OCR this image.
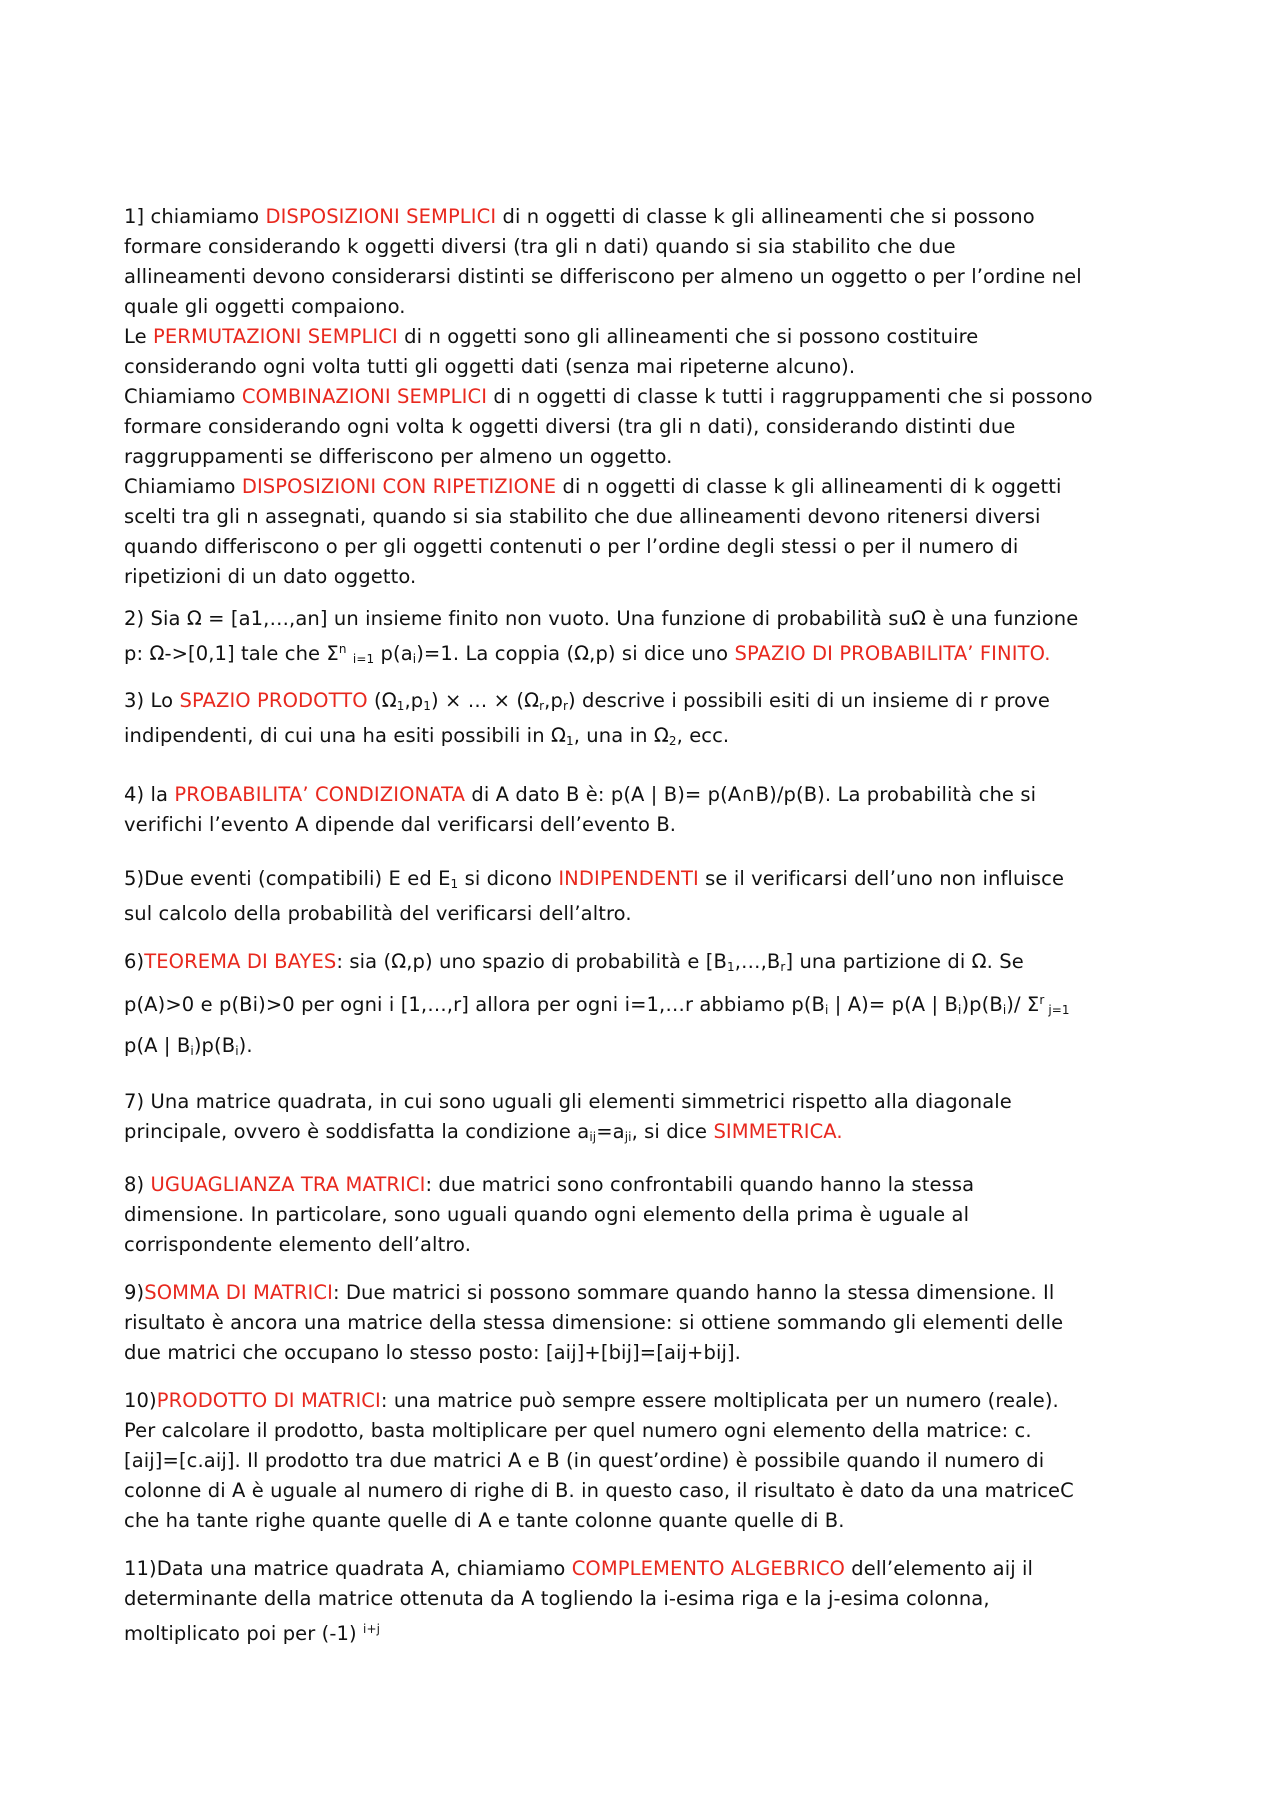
1] chiamiamo DISPOSIZIONI SEMPLICI di n oggetti di classe k gli allineamenti che si possono
formare considerando k oggetti diversi (tra gli n dati) quando si sia stabilito che due
allineamenti devono considerarsi distinti se differiscono per almeno un oggetto o per l’ordine nel
quale gli oggetti compaiono.
Le PERMUTAZIONI SEMPLICI di n oggetti sono gli allineamenti che si possono costituire
considerando ogni volta tutti gli oggetti dati (senza mai ripeterne alcuno).
Chiamiamo COMBINAZIONI SEMPLICI di n oggetti di classe k tutti i raggruppamenti che si possono
formare considerando ogni volta k oggetti diversi (tra gli n dati), considerando distinti due
raggruppamenti se differiscono per almeno un oggetto.
Chiamiamo DISPOSIZIONI CON RIPETIZIONE di n oggetti di classe k gli allineamenti di k oggetti
scelti tra gli n assegnati, quando si sia stabilito che due allineamenti devono ritenersi diversi
quando differiscono o per gli oggetti contenuti o per l’ordine degli stessi o per il numero di
ripetizioni di un dato oggetto.
2) Sia Ω = [a1,…,an] un insieme finito non vuoto. Una funzione di probabilità suΩ è una funzione
p: Ω->[0,1] tale che $\Sigma^n$ $_{i=1}$ $p(a_i)=1$. La coppia (Ω,p) si dice uno SPAZIO DI PROBABILITA’ FINITO.
3) Lo SPAZIO PRODOTTO $(\Omega_1,p_1)$ × … × $(\Omega_r,p_r)$ descrive i possibili esiti di un insieme di r prove
indipendenti, di cui una ha esiti possibili in $\Omega_1$, una in $\Omega_2$, ecc.
4) la PROBABILITA’ CONDIZIONATA di A dato B è: p(A | B)= p(A∩B)/p(B). La probabilità che si
verifichi l’evento A dipende dal verificarsi dell’evento B.
5)Due eventi (compatibili) E ed $E_1$ si dicono INDIPENDENTI se il verificarsi dell’uno non influisce
sul calcolo della probabilità del verificarsi dell’altro.
6)TEOREMA DI BAYES: sia (Ω,p) uno spazio di probabilità e $[B_1,\dots,B_r]$ una partizione di Ω. Se
p(A)>0 e p(Bi)>0 per ogni i [1,…,r] allora per ogni i=1,…r abbiamo $p(B_i$ | A)= p(A | $B_i)p(B_i)/$ $\Sigma^r$ $_{j=1}$
p(A | $B_i)p(B_i)$.
7) Una matrice quadrata, in cui sono uguali gli elementi simmetrici rispetto alla diagonale
principale, ovvero è soddisfatta la condizione $a_{ij}=a_{ji}$, si dice SIMMETRICA.
8) UGUAGLIANZA TRA MATRICI: due matrici sono confrontabili quando hanno la stessa
dimensione. In particolare, sono uguali quando ogni elemento della prima è uguale al
corrispondente elemento dell’altro.
9)SOMMA DI MATRICI: Due matrici si possono sommare quando hanno la stessa dimensione. Il
risultato è ancora una matrice della stessa dimensione: si ottiene sommando gli elementi delle
due matrici che occupano lo stesso posto: [aij]+[bij]=[aij+bij].
10)PRODOTTO DI MATRICI: una matrice può sempre essere moltiplicata per un numero (reale).
Per calcolare il prodotto, basta moltiplicare per quel numero ogni elemento della matrice: c.
[aij]=[c.aij]. Il prodotto tra due matrici A e B (in quest’ordine) è possibile quando il numero di
colonne di A è uguale al numero di righe di B. in questo caso, il risultato è dato da una matriceC
che ha tante righe quante quelle di A e tante colonne quante quelle di B.
11)Data una matrice quadrata A, chiamiamo COMPLEMENTO ALGEBRICO dell’elemento aij il
determinante della matrice ottenuta da A togliendo la i-esima riga e la j-esima colonna,
moltiplicato poi per (-1) $^{i+j}$
